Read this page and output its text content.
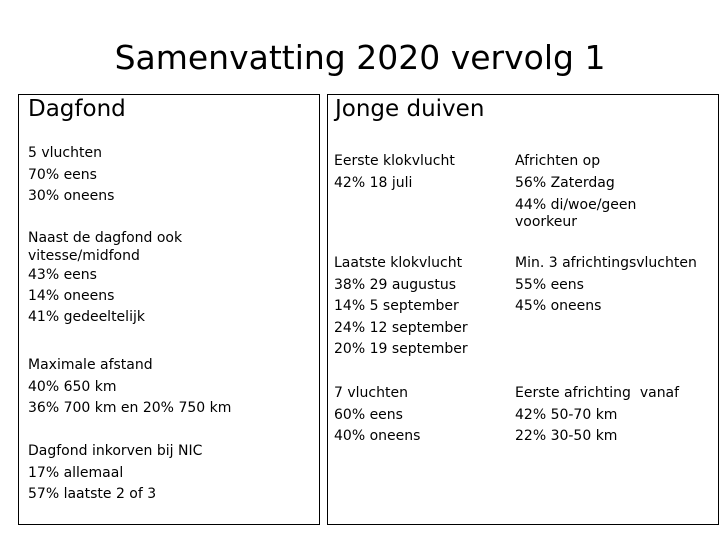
Samenvatting 2020 vervolg 1
Dagfond	Jonge duiven
5 vluchten
70% eens
30% oneens
Naast de dagfond ook
vitesse/midfond
43% eens
14% oneens
41% gedeeltelijk
Maximale afstand
40% 650 km
36% 700 km en 20% 750 km
Dagfond inkorven bij NIC
17% allemaal
57% laatste 2 of 3
Eerste klokvlucht
42% 18 juli
Laatste klokvlucht
38% 29 augustus
14% 5 september
24% 12 september
20% 19 september
7 vluchten
60% eens
40% oneens
Africhten op
56% Zaterdag
44% di/woe/geen
voorkeur
Min. 3 africhtingsvluchten
55% eens
45% oneens
Eerste africhting  vanaf
42% 50-70 km
22% 30-50 km
